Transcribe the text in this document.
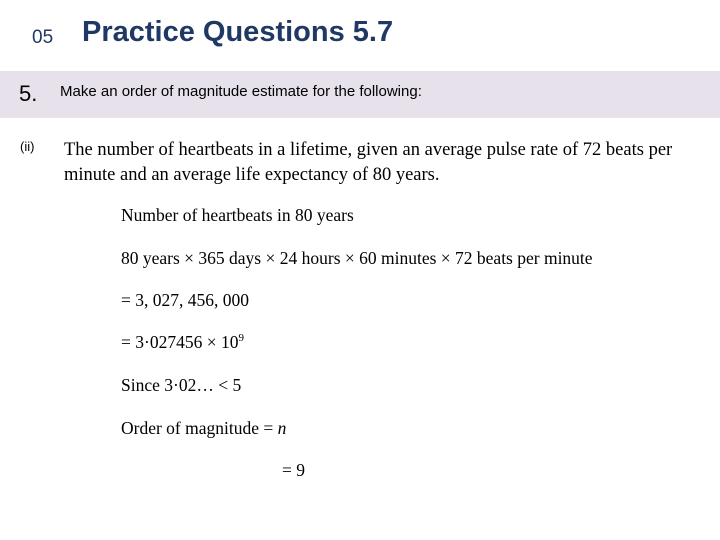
05 Practice Questions 5.7
5. Make an order of magnitude estimate for the following:
(ii) The number of heartbeats in a lifetime, given an average pulse rate of 72 beats per minute and an average life expectancy of 80 years.

Number of heartbeats in 80 years

80 years × 365 days × 24 hours × 60 minutes × 72 beats per minute

= 3, 027, 456, 000

= $3\cdot 027456 \times 10^9$

Since 3·02… < 5

Order of magnitude = n

= 9
